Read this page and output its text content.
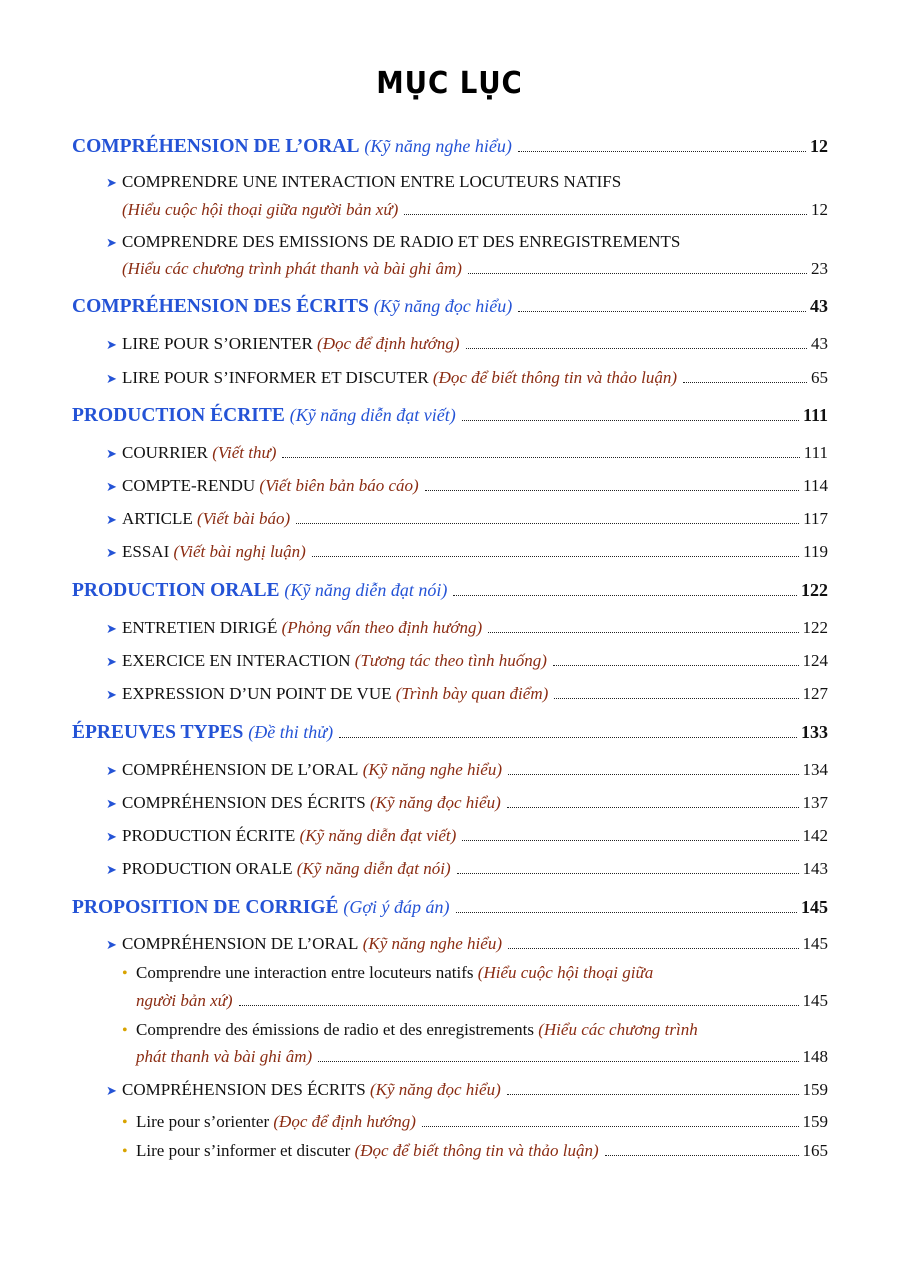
MỤC LỤC
COMPRÉHENSION DE L’ORAL
(Kỹ năng nghe hiểu)	12
➤ COMPRENDRE UNE INTERACTION ENTRE LOCUTEURS NATIFS
(Hiểu cuộc hội thoại giữa người bản xứ)	12
➤ COMPRENDRE DES EMISSIONS DE RADIO ET DES ENREGISTREMENTS
(Hiểu các chương trình phát thanh và bài ghi âm)	23
COMPRÉHENSION DES ÉCRITS
(Kỹ năng đọc hiểu)	43
➤ LIRE POUR S’ORIENTER
(Đọc để định hướng)	43
➤ LIRE POUR S’INFORMER ET DISCUTER
(Đọc để biết thông tin và thảo luận)	65
PRODUCTION ÉCRITE
(Kỹ năng diễn đạt viết)	111
➤ COURRIER
(Viết thư)	111
➤ COMPTE-RENDU
(Viết biên bản báo cáo)	114
➤ ARTICLE
(Viết bài báo)	117
➤ ESSAI
(Viết bài nghị luận)	119
PRODUCTION ORALE
(Kỹ năng diễn đạt nói)	122
➤ ENTRETIEN DIRIGÉ
(Phỏng vấn theo định hướng)	122
➤ EXERCICE EN INTERACTION
(Tương tác theo tình huống)	124
➤ EXPRESSION D’UN POINT DE VUE
(Trình bày quan điểm)	127
ÉPREUVES TYPES
(Đề thi thử)	133
➤ COMPRÉHENSION DE L’ORAL
(Kỹ năng nghe hiểu)	134
➤ COMPRÉHENSION DES ÉCRITS
(Kỹ năng đọc hiểu)	137
➤ PRODUCTION ÉCRITE
(Kỹ năng diễn đạt viết)	142
➤ PRODUCTION ORALE
(Kỹ năng diễn đạt nói)	143
PROPOSITION DE CORRIGÉ
(Gợi ý đáp án)	145
➤ COMPRÉHENSION DE L’ORAL
(Kỹ năng nghe hiểu)	145
• Comprendre une interaction entre locuteurs natifs (Hiểu cuộc hội thoại giữa
người bản xứ)	145
• Comprendre des émissions de radio et des enregistrements (Hiểu các chương trình
phát thanh và bài ghi âm)	148
➤ COMPRÉHENSION DES ÉCRITS
(Kỹ năng đọc hiểu)	159
• Lire pour s’orienter
(Đọc để định hướng)	159
• Lire pour s’informer et discuter
(Đọc để biết thông tin và thảo luận)	165
